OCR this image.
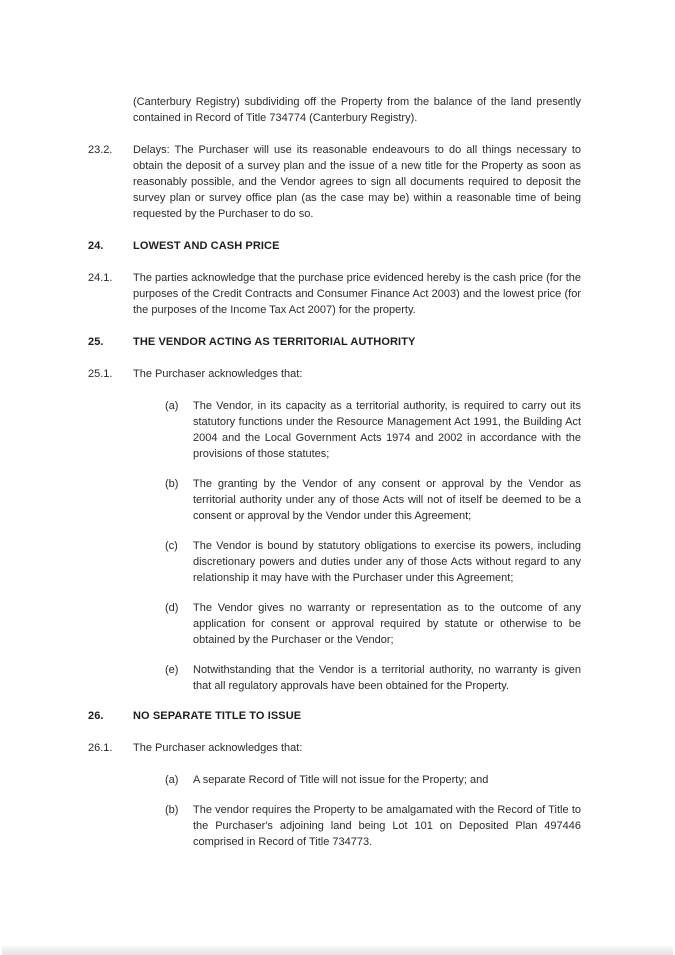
(Canterbury Registry) subdividing off the Property from the balance of the land presently contained in Record of Title 734774 (Canterbury Registry).
23.2.	Delays: The Purchaser will use its reasonable endeavours to do all things necessary to obtain the deposit of a survey plan and the issue of a new title for the Property as soon as reasonably possible, and the Vendor agrees to sign all documents required to deposit the survey plan or survey office plan (as the case may be) within a reasonable time of being requested by the Purchaser to do so.
24.	LOWEST AND CASH PRICE
24.1.	The parties acknowledge that the purchase price evidenced hereby is the cash price (for the purposes of the Credit Contracts and Consumer Finance Act 2003) and the lowest price (for the purposes of the Income Tax Act 2007) for the property.
25.	THE VENDOR ACTING AS TERRITORIAL AUTHORITY
25.1.	The Purchaser acknowledges that:
(a)	The Vendor, in its capacity as a territorial authority, is required to carry out its statutory functions under the Resource Management Act 1991, the Building Act 2004 and the Local Government Acts 1974 and 2002 in accordance with the provisions of those statutes;
(b)	The granting by the Vendor of any consent or approval by the Vendor as territorial authority under any of those Acts will not of itself be deemed to be a consent or approval by the Vendor under this Agreement;
(c)	The Vendor is bound by statutory obligations to exercise its powers, including discretionary powers and duties under any of those Acts without regard to any relationship it may have with the Purchaser under this Agreement;
(d)	The Vendor gives no warranty or representation as to the outcome of any application for consent or approval required by statute or otherwise to be obtained by the Purchaser or the Vendor;
(e)	Notwithstanding that the Vendor is a territorial authority, no warranty is given that all regulatory approvals have been obtained for the Property.
26.	NO SEPARATE TITLE TO ISSUE
26.1.	The Purchaser acknowledges that:
(a)	A separate Record of Title will not issue for the Property; and
(b)	The vendor requires the Property to be amalgamated with the Record of Title to the Purchaser's adjoining land being Lot 101 on Deposited Plan 497446 comprised in Record of Title 734773.
